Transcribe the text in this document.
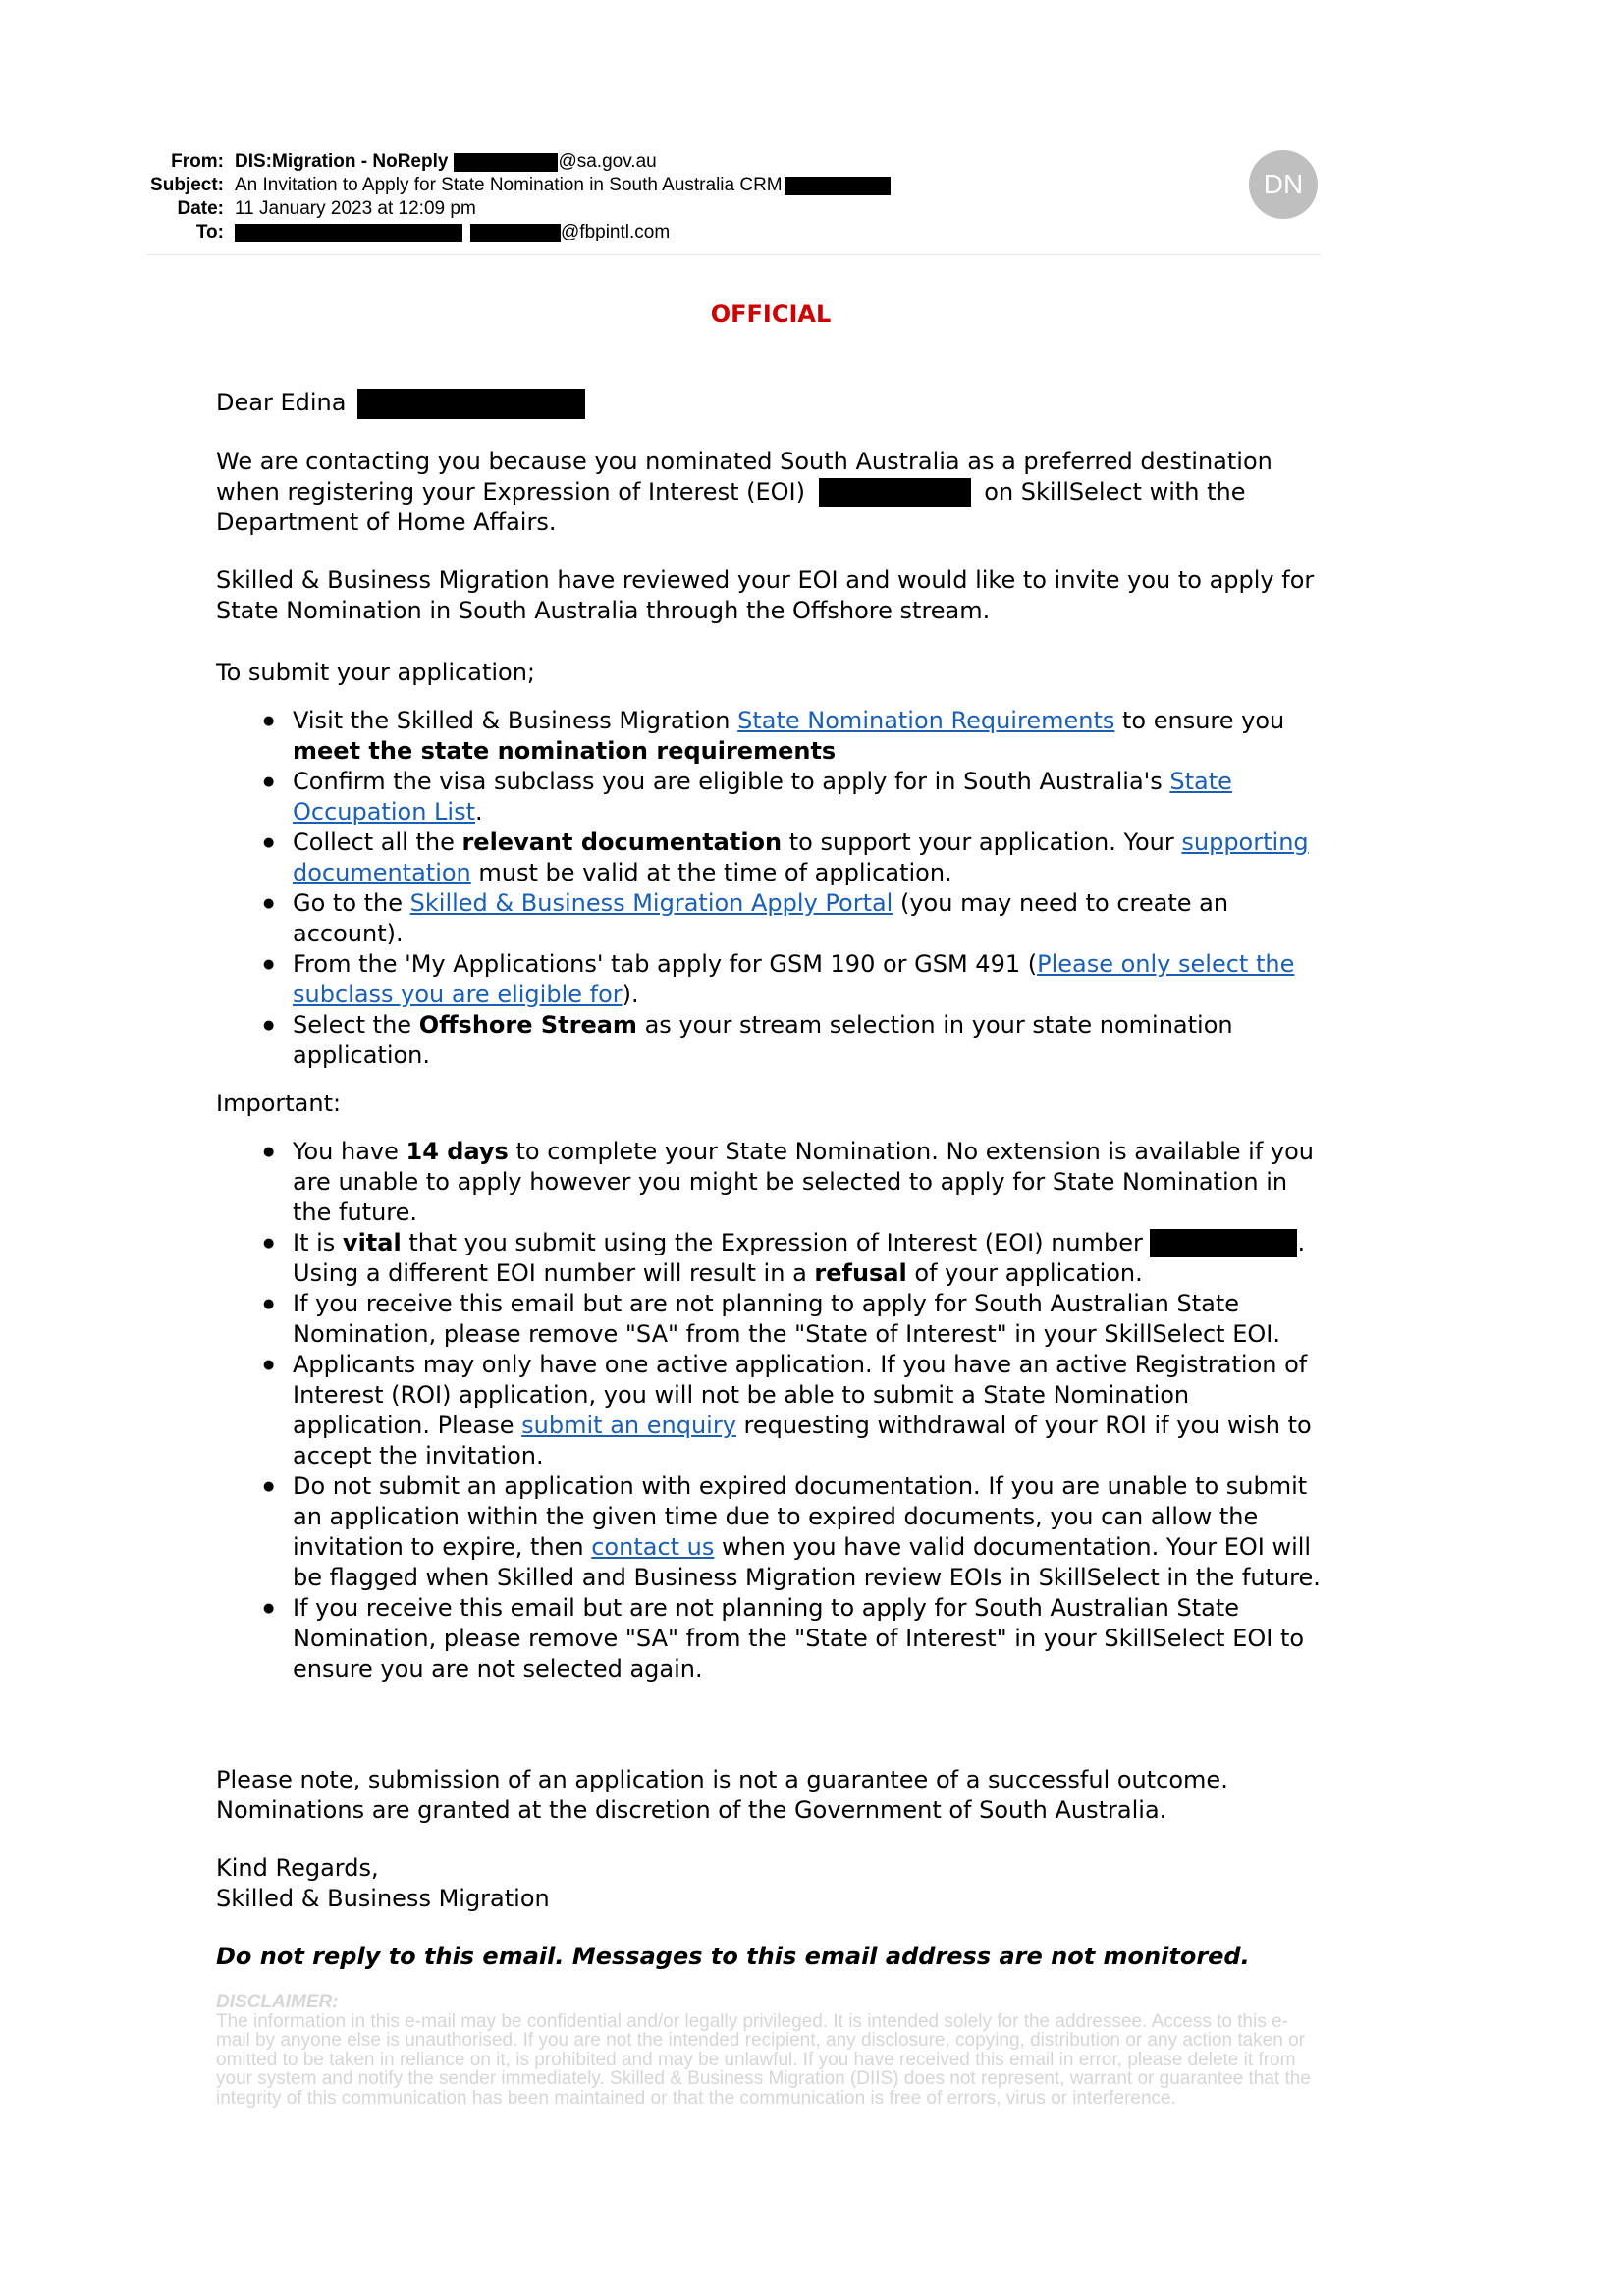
From: DIS:Migration - NoReply	@sa.gov.au
Subject: An Invitation to Apply for State Nomination in South Australia CRM
Date: 11 January 2023 at 12:09 pm
To:	@fbpintl.com
DN
OFFICIAL

Dear Edina

We are contacting you because you nominated South Australia as a preferred destination when registering your Expression of Interest (EOI)	on SkillSelect with the Department of Home Affairs.

Skilled & Business Migration have reviewed your EOI and would like to invite you to apply for State Nomination in South Australia through the Offshore stream.

To submit your application;

● Visit the Skilled & Business Migration State Nomination Requirements to ensure you meet the state nomination requirements
● Confirm the visa subclass you are eligible to apply for in South Australia's State Occupation List.
● Collect all the relevant documentation to support your application. Your supporting documentation must be valid at the time of application.
● Go to the Skilled & Business Migration Apply Portal (you may need to create an account).
● From the 'My Applications' tab apply for GSM 190 or GSM 491 (Please only select the subclass you are eligible for).
● Select the Offshore Stream as your stream selection in your state nomination application.

Important:

● You have 14 days to complete your State Nomination. No extension is available if you are unable to apply however you might be selected to apply for State Nomination in the future.
● It is vital that you submit using the Expression of Interest (EOI) number	. Using a different EOI number will result in a refusal of your application.
● If you receive this email but are not planning to apply for South Australian State Nomination, please remove "SA" from the "State of Interest" in your SkillSelect EOI.
● Applicants may only have one active application. If you have an active Registration of Interest (ROI) application, you will not be able to submit a State Nomination application. Please submit an enquiry requesting withdrawal of your ROI if you wish to accept the invitation.
● Do not submit an application with expired documentation. If you are unable to submit an application within the given time due to expired documents, you can allow the invitation to expire, then contact us when you have valid documentation. Your EOI will be flagged when Skilled and Business Migration review EOIs in SkillSelect in the future.
● If you receive this email but are not planning to apply for South Australian State Nomination, please remove "SA" from the "State of Interest" in your SkillSelect EOI to ensure you are not selected again.

Please note, submission of an application is not a guarantee of a successful outcome. Nominations are granted at the discretion of the Government of South Australia.

Kind Regards,

Skilled & Business Migration

Do not reply to this email. Messages to this email address are not monitored.

DISCLAIMER:
The information in this e-mail may be confidential and/or legally privileged. It is intended solely for the addressee. Access to this e-mail by anyone else is unauthorised. If you are not the intended recipient, any disclosure, copying, distribution or any action taken or omitted to be taken in reliance on it, is prohibited and may be unlawful. If you have received this email in error, please delete it from your system and notify the sender immediately. Skilled & Business Migration (DIIS) does not represent, warrant or guarantee that the integrity of this communication has been maintained or that the communication is free of errors, virus or interference.
